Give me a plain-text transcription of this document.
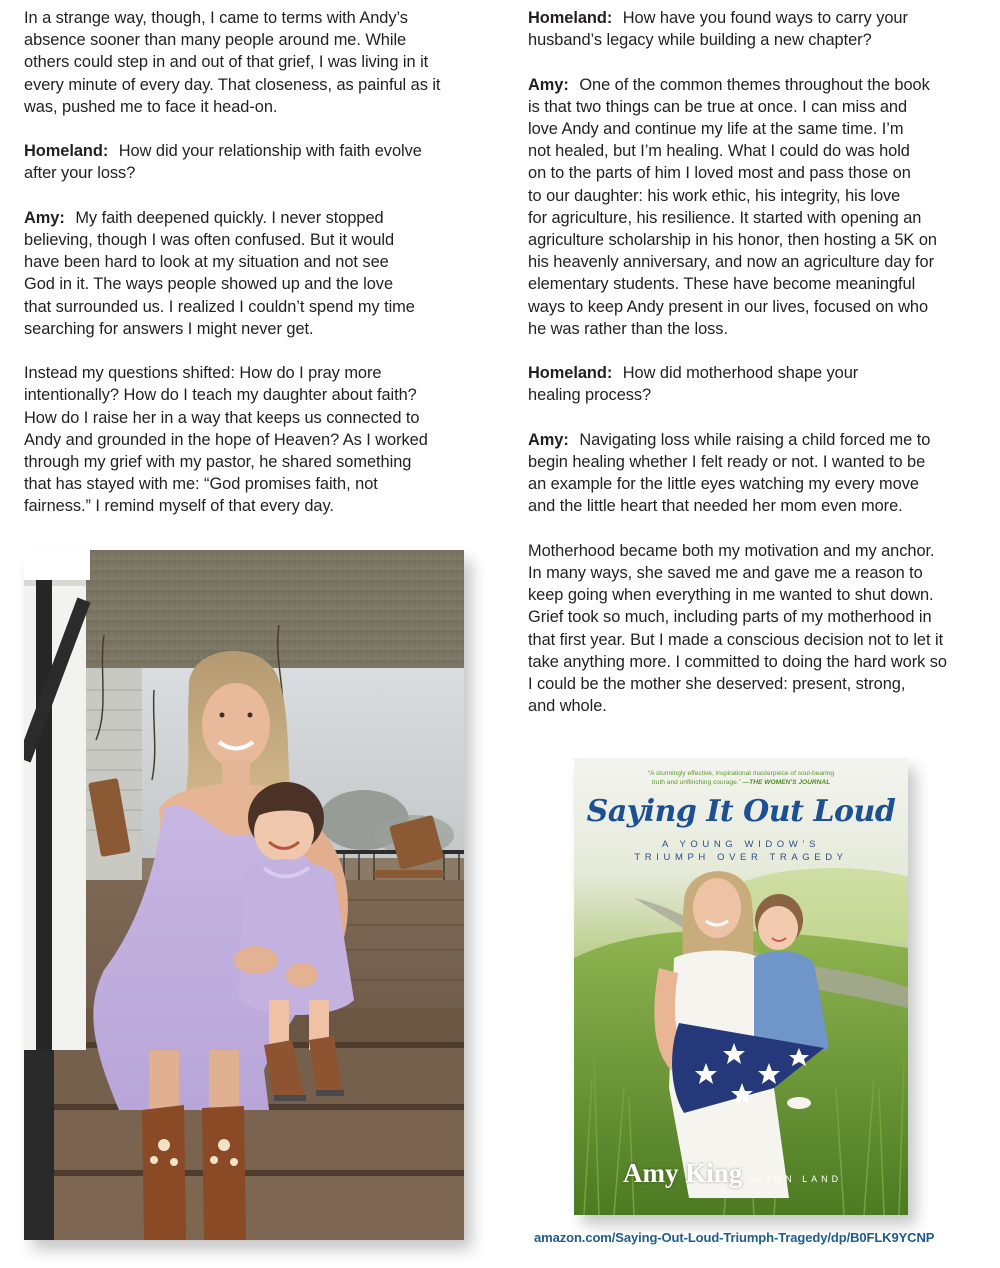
In a strange way, though, I came to terms with Andy’s
absence sooner than many people around me. While
others could step in and out of that grief, I was living in it
every minute of every day. That closeness, as painful as it
was, pushed me to face it head-on.
Homeland: How did your relationship with faith evolve
after your loss?
Amy: My faith deepened quickly. I never stopped
believing, though I was often confused. But it would
have been hard to look at my situation and not see
God in it. The ways people showed up and the love
that surrounded us. I realized I couldn’t spend my time
searching for answers I might never get.
Instead my questions shifted: How do I pray more
intentionally? How do I teach my daughter about faith?
How do I raise her in a way that keeps us connected to
Andy and grounded in the hope of Heaven? As I worked
through my grief with my pastor, he shared something
that has stayed with me: “God promises faith, not
fairness.” I remind myself of that every day.
Homeland: How have you found ways to carry your
husband’s legacy while building a new chapter?
Amy: One of the common themes throughout the book
is that two things can be true at once. I can miss and
love Andy and continue my life at the same time. I’m
not healed, but I’m healing. What I could do was hold
on to the parts of him I loved most and pass those on
to our daughter: his work ethic, his integrity, his love
for agriculture, his resilience. It started with opening an
agriculture scholarship in his honor, then hosting a 5K on
his heavenly anniversary, and now an agriculture day for
elementary students. These have become meaningful
ways to keep Andy present in our lives, focused on who
he was rather than the loss.
Homeland: How did motherhood shape your
healing process?
Amy: Navigating loss while raising a child forced me to
begin healing whether I felt ready or not. I wanted to be
an example for the little eyes watching my every move
and the little heart that needed her mom even more.
Motherhood became both my motivation and my anchor.
In many ways, she saved me and gave me a reason to
keep going when everything in me wanted to shut down.
Grief took so much, including parts of my motherhood in
that first year. But I made a conscious decision not to let it
take anything more. I committed to doing the hard work so
I could be the mother she deserved: present, strong,
and whole.
“A stunningly effective, inspirational masterpiece of soul-bearing
truth and unflinching courage.” —THE WOMEN’S JOURNAL
Saying It Out Loud
A YOUNG WIDOW’S
TRIUMPH OVER TRAGEDY
Amy King with JON LAND
amazon.com/Saying-Out-Loud-Triumph-Tragedy/dp/B0FLK9YCNP
